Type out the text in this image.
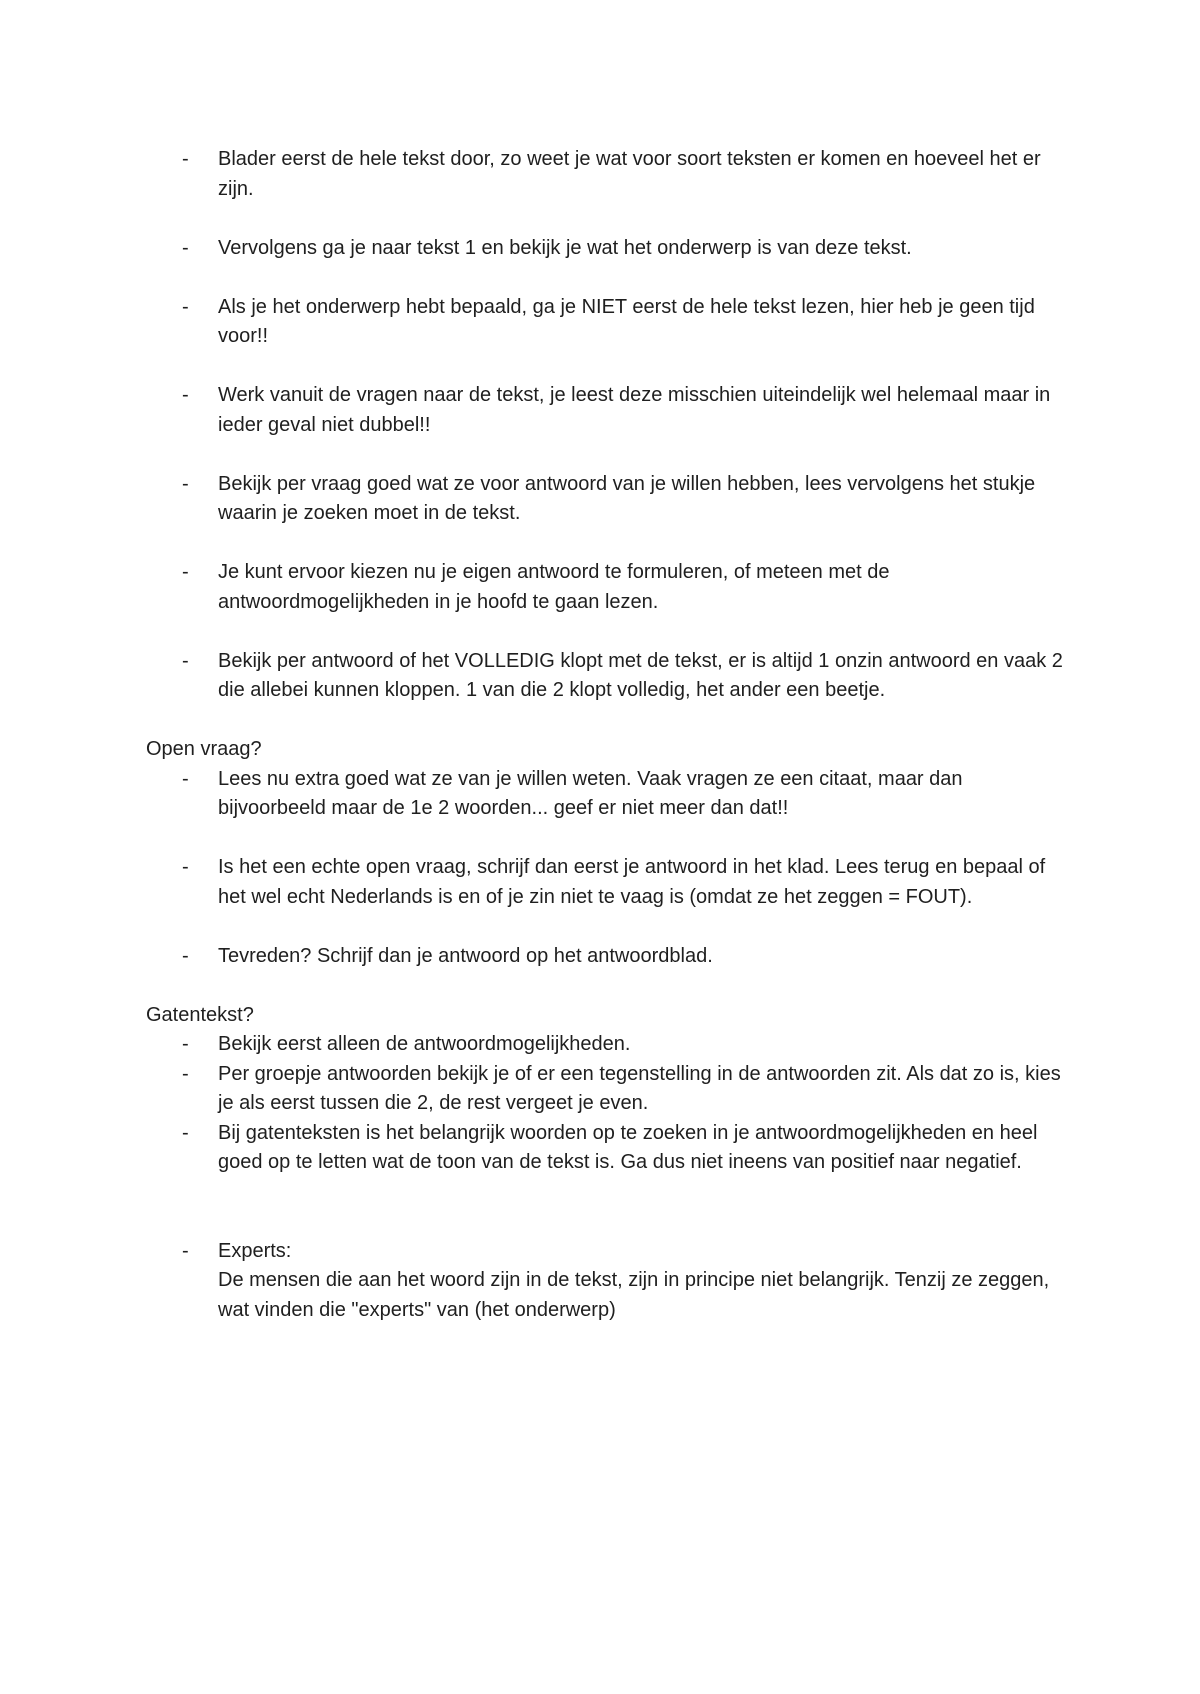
- Blader eerst de hele tekst door, zo weet je wat voor soort teksten er komen en hoeveel het er zijn.
- Vervolgens ga je naar tekst 1 en bekijk je wat het onderwerp is van deze tekst.
- Als je het onderwerp hebt bepaald, ga je NIET eerst de hele tekst lezen, hier heb je geen tijd voor!!
- Werk vanuit de vragen naar de tekst, je leest deze misschien uiteindelijk wel helemaal maar in ieder geval niet dubbel!!
- Bekijk per vraag goed wat ze voor antwoord van je willen hebben, lees vervolgens het stukje waarin je zoeken moet in de tekst.
- Je kunt ervoor kiezen nu je eigen antwoord te formuleren, of meteen met de antwoordmogelijkheden in je hoofd te gaan lezen.
- Bekijk per antwoord of het VOLLEDIG klopt met de tekst, er is altijd 1 onzin antwoord en vaak 2 die allebei kunnen kloppen. 1 van die 2 klopt volledig, het ander een beetje.

Open vraag?

- Lees nu extra goed wat ze van je willen weten. Vaak vragen ze een citaat, maar dan bijvoorbeeld maar de 1e 2 woorden... geef er niet meer dan dat!!
- Is het een echte open vraag, schrijf dan eerst je antwoord in het klad. Lees terug en bepaal of het wel echt Nederlands is en of je zin niet te vaag is (omdat ze het zeggen = FOUT).
- Tevreden? Schrijf dan je antwoord op het antwoordblad.

Gatentekst?

- Bekijk eerst alleen de antwoordmogelijkheden.
- Per groepje antwoorden bekijk je of er een tegenstelling in de antwoorden zit. Als dat zo is, kies je als eerst tussen die 2, de rest vergeet je even.
- Bij gatenteksten is het belangrijk woorden op te zoeken in je antwoordmogelijkheden en heel goed op te letten wat de toon van de tekst is. Ga dus niet ineens van positief naar negatief.
- Experts:
De mensen die aan het woord zijn in de tekst, zijn in principe niet belangrijk. Tenzij ze zeggen, wat vinden die "experts" van (het onderwerp)
